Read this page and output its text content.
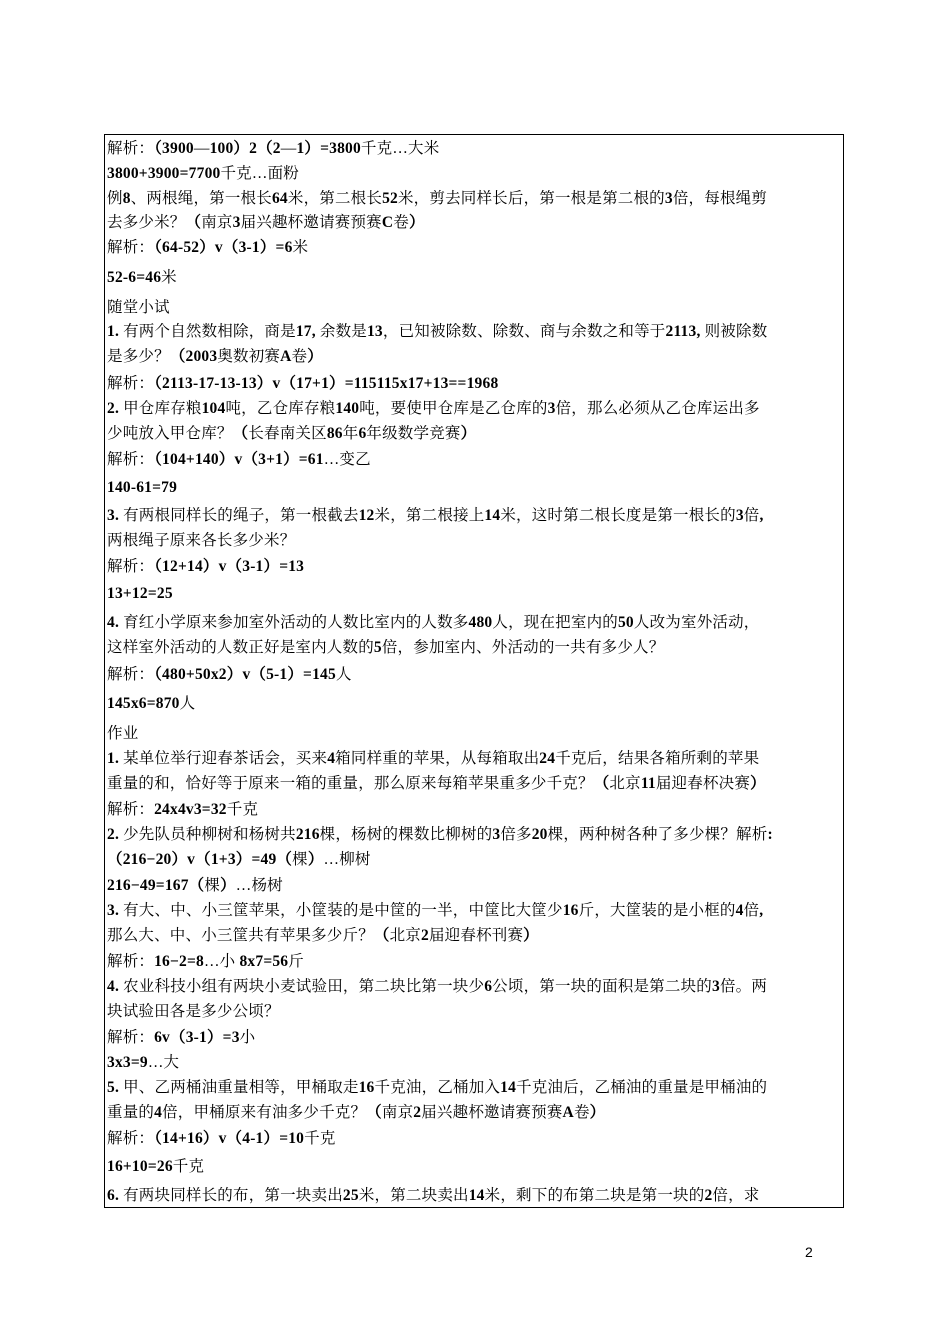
解析：（3900—100）2（2—1）=3800千克…大米
3800+3900=7700千克…面粉
例8、两根绳，第一根长64米，第二根长52米，剪去同样长后，第一根是第二根的3倍，每根绳剪
去多少米？（南京3届兴趣杯邀请赛预赛C卷）
解析：（64-52）v（3-1）=6米
52-6=46米
随堂小试
1. 有两个自然数相除，商是17, 余数是13，已知被除数、除数、商与余数之和等于2113, 则被除数
是多少？（2003奥数初赛A卷）
解析：（2113-17-13-13）v（17+1）=115115x17+13==1968
2. 甲仓库存粮104吨，乙仓库存粮140吨，要使甲仓库是乙仓库的3倍，那么必须从乙仓库运出多
少吨放入甲仓库？（长春南关区86年6年级数学竞赛）
解析：（104+140）v（3+1）=61…变乙
140-61=79
3. 有两根同样长的绳子，第一根截去12米，第二根接上14米，这时第二根长度是第一根长的3倍,
两根绳子原来各长多少米？
解析：（12+14）v（3-1）=13
13+12=25
4. 育红小学原来参加室外活动的人数比室内的人数多480人，现在把室内的50人改为室外活动，
这样室外活动的人数正好是室内人数的5倍，参加室内、外活动的一共有多少人？
解析：（480+50x2）v（5-1）=145人
145x6=870人
作业
1. 某单位举行迎春茶话会，买来4箱同样重的苹果，从每箱取出24千克后，结果各箱所剩的苹果
重量的和，恰好等于原来一箱的重量，那么原来每箱苹果重多少千克？（北京11届迎春杯决赛）
解析：24x4v3=32千克
2. 少先队员种柳树和杨树共216棵，杨树的棵数比柳树的3倍多20棵，两种树各种了多少棵？解析:
（216−20）v（1+3）=49（棵）…柳树
216−49=167（棵）…杨树
3. 有大、中、小三筐苹果，小筐装的是中筐的一半，中筐比大筐少16斤，大筐装的是小框的4倍,
那么大、中、小三筐共有苹果多少斤？（北京2届迎春杯刊赛）
解析：16−2=8…小 8x7=56斤
4. 农业科技小组有两块小麦试验田，第二块比第一块少6公顷，第一块的面积是第二块的3倍。两
块试验田各是多少公顷？
解析：6v（3-1）=3小
3x3=9…大
5. 甲、乙两桶油重量相等，甲桶取走16千克油，乙桶加入14千克油后，乙桶油的重量是甲桶油的
重量的4倍，甲桶原来有油多少千克？（南京2届兴趣杯邀请赛预赛A卷）
解析：（14+16）v（4-1）=10千克
16+10=26千克
6. 有两块同样长的布，第一块卖出25米，第二块卖出14米，剩下的布第二块是第一块的2倍，求
2
